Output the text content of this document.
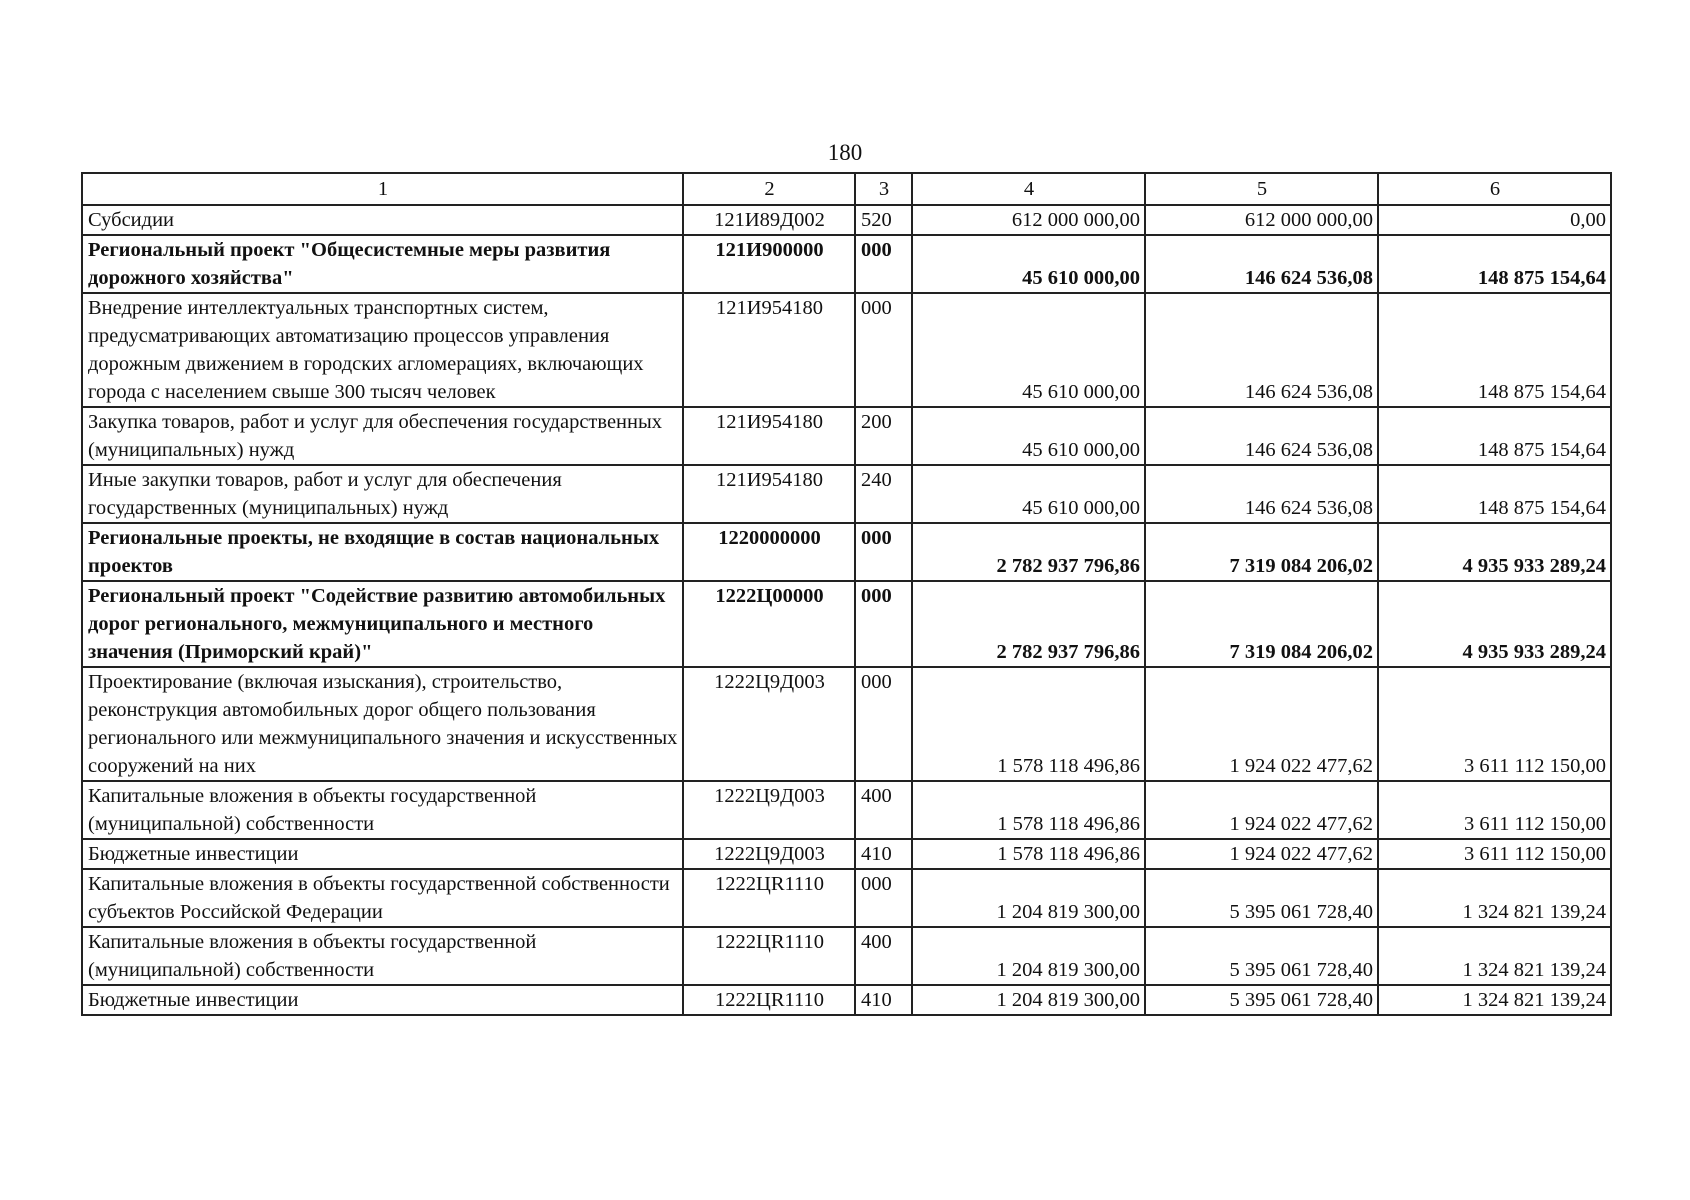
180
1	2	3	4	5	6
Субсидии	121И89Д002	520	612 000 000,00	612 000 000,00	0,00
Региональный проект "Общесистемные меры развития дорожного хозяйства"	121И900000	000	45 610 000,00	146 624 536,08	148 875 154,64
Внедрение интеллектуальных транспортных систем, предусматривающих автоматизацию процессов управления дорожным движением в городских агломерациях, включающих города с населением свыше 300 тысяч человек	121И954180	000	45 610 000,00	146 624 536,08	148 875 154,64
Закупка товаров, работ и услуг для обеспечения государственных (муниципальных) нужд	121И954180	200	45 610 000,00	146 624 536,08	148 875 154,64
Иные закупки товаров, работ и услуг для обеспечения государственных (муниципальных) нужд	121И954180	240	45 610 000,00	146 624 536,08	148 875 154,64
Региональные проекты, не входящие в состав национальных проектов	1220000000	000	2 782 937 796,86	7 319 084 206,02	4 935 933 289,24
Региональный проект "Содействие развитию автомобильных дорог регионального, межмуниципального и местного значения (Приморский край)"	1222Ц00000	000	2 782 937 796,86	7 319 084 206,02	4 935 933 289,24
Проектирование (включая изыскания), строительство, реконструкция автомобильных дорог общего пользования регионального или межмуниципального значения и искусственных сооружений на них	1222Ц9Д003	000	1 578 118 496,86	1 924 022 477,62	3 611 112 150,00
Капитальные вложения в объекты государственной (муниципальной) собственности	1222Ц9Д003	400	1 578 118 496,86	1 924 022 477,62	3 611 112 150,00
Бюджетные инвестиции	1222Ц9Д003	410	1 578 118 496,86	1 924 022 477,62	3 611 112 150,00
Капитальные вложения в объекты государственной собственности субъектов Российской Федерации	1222ЦR1110	000	1 204 819 300,00	5 395 061 728,40	1 324 821 139,24
Капитальные вложения в объекты государственной (муниципальной) собственности	1222ЦR1110	400	1 204 819 300,00	5 395 061 728,40	1 324 821 139,24
Бюджетные инвестиции	1222ЦR1110	410	1 204 819 300,00	5 395 061 728,40	1 324 821 139,24
